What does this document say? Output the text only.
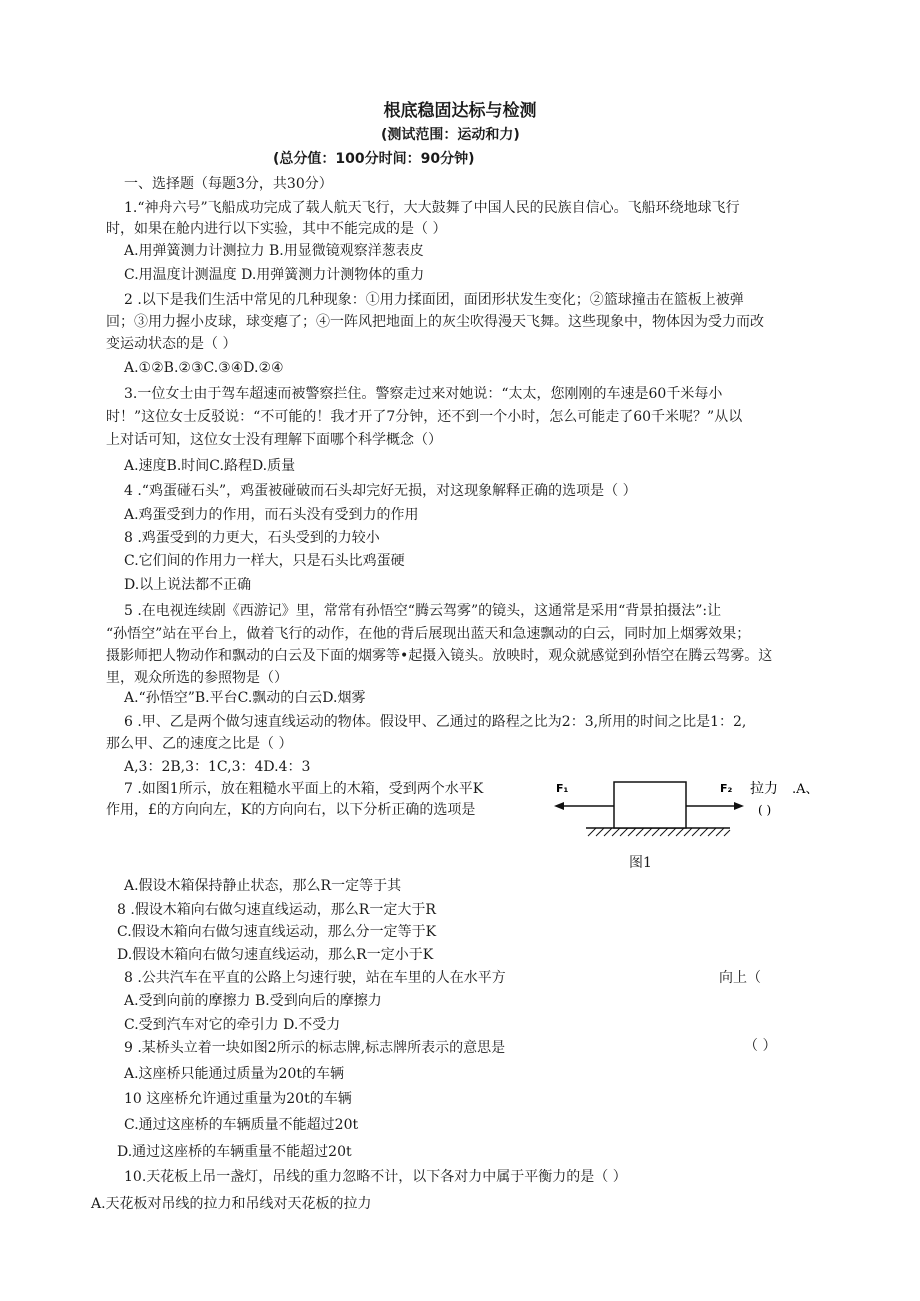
根底稳固达标与检测
(测试范围：运动和力)
(总分值：100分时间：90分钟)
一、选择题（每题3分，共30分）
1.“神舟六号”飞船成功完成了载人航天飞行，大大鼓舞了中国人民的民族自信心。飞船环绕地球飞行
时，如果在舱内进行以下实验，其中不能完成的是（ ）
A.用弹簧测力计测拉力 B.用显微镜观察洋葱表皮
C.用温度计测温度 D.用弹簧测力计测物体的重力
2 .以下是我们生活中常见的几种现象：①用力揉面团，面团形状发生变化；②篮球撞击在篮板上被弹
回；③用力握小皮球，球变瘪了；④一阵风把地面上的灰尘吹得漫天飞舞。这些现象中，物体因为受力而改
变运动状态的是（ ）
A.①②B.②③C.③④D.②④
3.一位女士由于驾车超速而被警察拦住。警察走过来对她说：“太太，您刚刚的车速是60千米每小
时！”这位女士反驳说：“不可能的！我才开了7分钟，还不到一个小时，怎么可能走了60千米呢？”从以
上对话可知，这位女士没有理解下面哪个科学概念（）
A.速度B.时间C.路程D.质量
4 .“鸡蛋碰石头”，鸡蛋被碰破而石头却完好无损，对这现象解释正确的选项是（ ）
A.鸡蛋受到力的作用，而石头没有受到力的作用
8 .鸡蛋受到的力更大，石头受到的力较小
C.它们间的作用力一样大，只是石头比鸡蛋硬
D.以上说法都不正确
5 .在电视连续剧《西游记》里，常常有孙悟空“腾云驾雾”的镜头，这通常是采用“背景拍摄法”:让
“孙悟空”站在平台上，做着飞行的动作，在他的背后展现出蓝天和急速飘动的白云，同时加上烟雾效果；
摄影师把人物动作和飘动的白云及下面的烟雾等•起摄入镜头。放映时，观众就感觉到孙悟空在腾云驾雾。这
里，观众所选的参照物是（）
A.“孙悟空”B.平台C.飘动的白云D.烟雾
6 .甲、乙是两个做匀速直线运动的物体。假设甲、乙通过的路程之比为2：3,所用的时间之比是1：2,
那么甲、乙的速度之比是（ ）
A,3：2B,3：1C,3：4D.4：3
7 .如图1所示，放在粗糙水平面上的木箱，受到两个水平K
作用，£的方向向左，K的方向向右，以下分析正确的选项是
A.假设木箱保持静止状态，那么R一定等于其
8 .假设木箱向右做匀速直线运动，那么R一定大于R
C.假设木箱向右做匀速直线运动，那么分一定等于K
D.假设木箱向右做匀速直线运动，那么R一定小于K
8 .公共汽车在平直的公路上匀速行驶，站在车里的人在水平方	向上（
A.受到向前的摩擦力 B.受到向后的摩擦力
C.受到汽车对它的牵引力 D.不受力
9 .某桥头立着一块如图2所示的标志牌,标志牌所表示的意思是	（ ）
A.这座桥只能通过质量为20t的车辆
10 这座桥允许通过重量为20t的车辆
C.通过这座桥的车辆质量不能超过20t
D.通过这座桥的车辆重量不能超过20t
10.天花板上吊一盏灯，吊线的重力忽略不计，以下各对力中属于平衡力的是（ ）
A.天花板对吊线的拉力和吊线对天花板的拉力
F₁	F₂ 拉力 .A、
( )
图1
